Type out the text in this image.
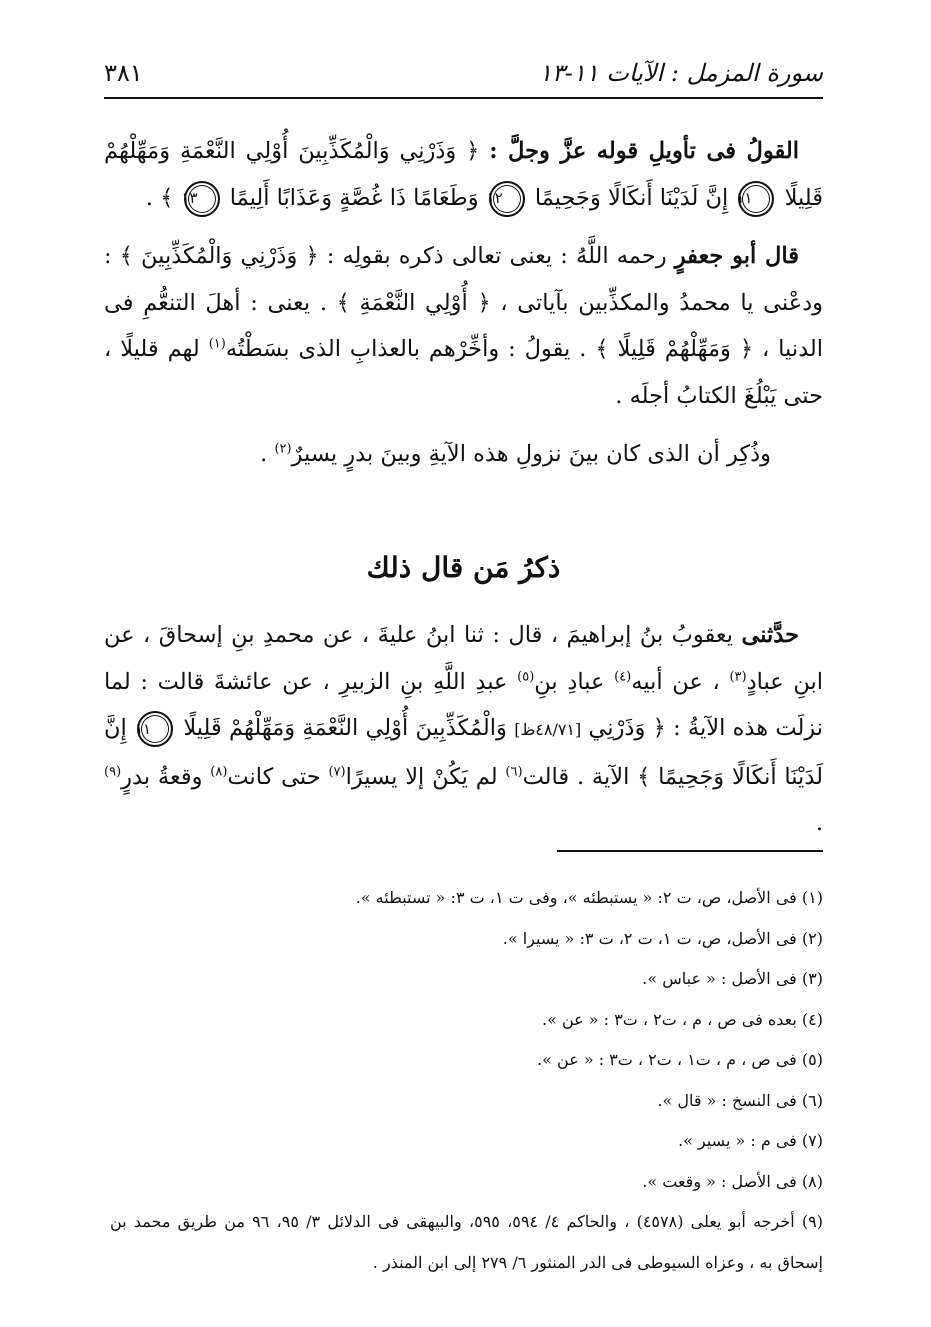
سورة المزمل : الآيات ١١-١٣
٣٨١

القولُ فى تأويلِ قوله عزَّ وجلَّ : ﴿ وَذَرْنِي وَالْمُكَذِّبِينَ أُوْلِي النَّعْمَةِ وَمَهِّلْهُمْ قَلِيلًا ١١ إِنَّ لَدَيْنَا أَنكَالًا وَجَحِيمًا ١٢ وَطَعَامًا ذَا غُصَّةٍ وَعَذَابًا أَلِيمًا ١٣ ﴾ .

قال أبو جعفرٍ رحمه اللَّهُ : يعنى تعالى ذكره بقولِه : ﴿ وَذَرْنِي وَالْمُكَذِّبِينَ ﴾ : ودعْنى يا محمدُ والمكذِّبين بآياتى ، ﴿ أُوْلِي النَّعْمَةِ ﴾ . يعنى : أهلَ التنعُّمِ فى الدنيا ، ﴿ وَمَهِّلْهُمْ قَلِيلًا ﴾ . يقولُ : وأخِّرْهم بالعذابِ الذى بسَطْتُه$^{(١)}$ لهم قليلًا ، حتى يَبْلُغَ الكتابُ أجلَه .

وذُكِر أن الذى كان بينَ نزولِ هذه الآيةِ وبينَ بدرٍ يسيرٌ$^{(٢)}$ .

ذكرُ مَن قال ذلك

حدَّثنى يعقوبُ بنُ إبراهيمَ ، قال : ثنا ابنُ عليةَ ، عن محمدِ بنِ إسحاقَ ، عن ابنِ عبادٍ$^{(٣)}$ ، عن أبيه$^{(٤)}$ عبادِ بنِ$^{(٥)}$ عبدِ اللَّهِ بنِ الزبيرِ ، عن عائشةَ قالت : لما نزلَت هذه الآيةُ : ﴿ وَذَرْنِي [٤٨/٧١ظ] وَالْمُكَذِّبِينَ أُوْلِي النَّعْمَةِ وَمَهِّلْهُمْ قَلِيلًا ١١ إِنَّ لَدَيْنَا أَنكَالًا وَجَحِيمًا ﴾ الآية . قالت$^{(٦)}$ لم يَكُنْ إلا يسيرًا$^{(٧)}$ حتى كانت$^{(٨)}$ وقعةُ بدرٍ$^{(٩)}$ .

(١) فى الأصل، ص، ت ٢: « يستبطئه »، وفى ت ١، ت ٣: « تستبطئه ».

(٢) فى الأصل، ص، ت ١، ت ٢، ت ٣: « يسيرا ».

(٣) فى الأصل : « عباس ».

(٤) بعده فى ص ، م ، ت٢ ، ت٣ : « عن ».

(٥) فى ص ، م ، ت١ ، ت٢ ، ت٣ : « عن ».

(٦) فى النسخ : « قال ».

(٧) فى م : « يسير ».

(٨) فى الأصل : « وقعت ».

(٩) أخرجه أبو يعلى (٤٥٧٨) ، والحاكم ٤/ ٥٩٤، ٥٩٥، والبيهقى فى الدلائل ٣/ ٩٥، ٩٦ من طريق محمد بن إسحاق به ، وعزاه السيوطى فى الدر المنثور ٦/ ٢٧٩ إلى ابن المنذر .
